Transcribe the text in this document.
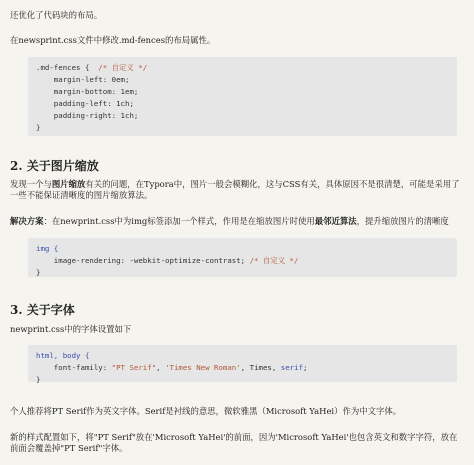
还优化了代码块的布局。

在newsprint.css文件中修改.md-fences的布局属性。

.md-fences {  /* 自定义 */
margin-left: 0em;
margin-bottom: 1em;
padding-left: 1ch;
padding-right: 1ch;
}
2. 关于图片缩放

发现一个与图片缩放有关的问题，在Typora中，图片一般会模糊化，这与CSS有关，具体原因不是很清楚，可能是采用了一些不能保证清晰度的图片缩放算法。

解决方案：在newprint.css中为img标签添加一个样式，作用是在缩放图片时使用最邻近算法，提升缩放图片的清晰度

img {
image-rendering: -webkit-optimize-contrast; /* 自定义 */
}
3. 关于字体

newprint.css中的字体设置如下

html, body {
font-family: "PT Serif", 'Times New Roman', Times, serif;
}

个人推荐将PT Serif作为英文字体。Serif是衬线的意思，微软雅黑（Microsoft YaHei）作为中文字体。

新的样式配置如下，将"PT Serif"放在'Microsoft YaHei'的前面，因为'Microsoft YaHei'也包含英文和数字字符，放在前面会覆盖掉"PT Serif"字体。
